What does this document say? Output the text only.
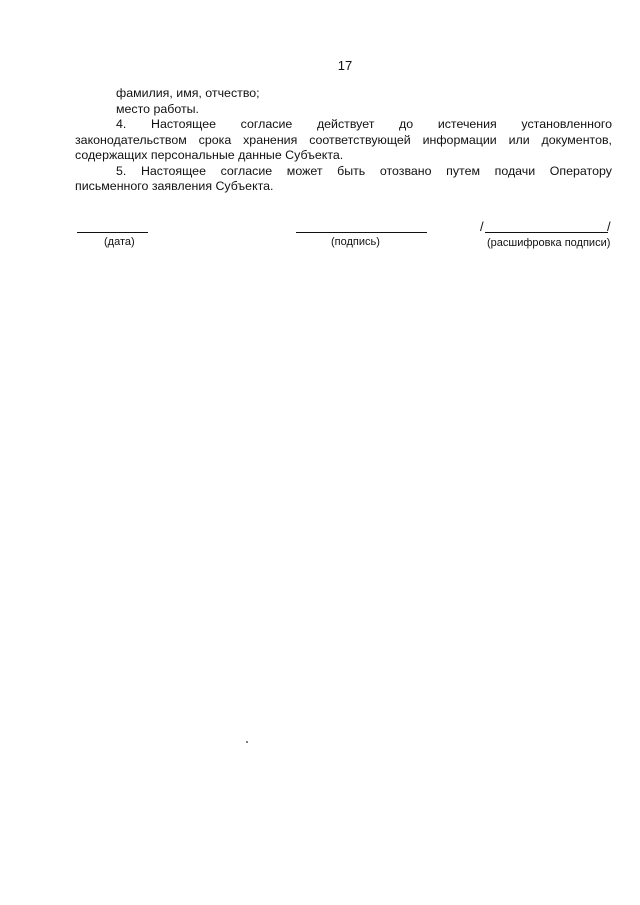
17
фамилия, имя, отчество;
место работы.
4. Настоящее согласие действует до истечения установленного
законодательством срока хранения соответствующей информации или документов,
содержащих персональные данные Субъекта.
5. Настоящее согласие может быть отозвано путем подачи Оператору
письменного заявления Субъекта.
(дата)	(подпись)
/	/
(расшифровка подписи)
